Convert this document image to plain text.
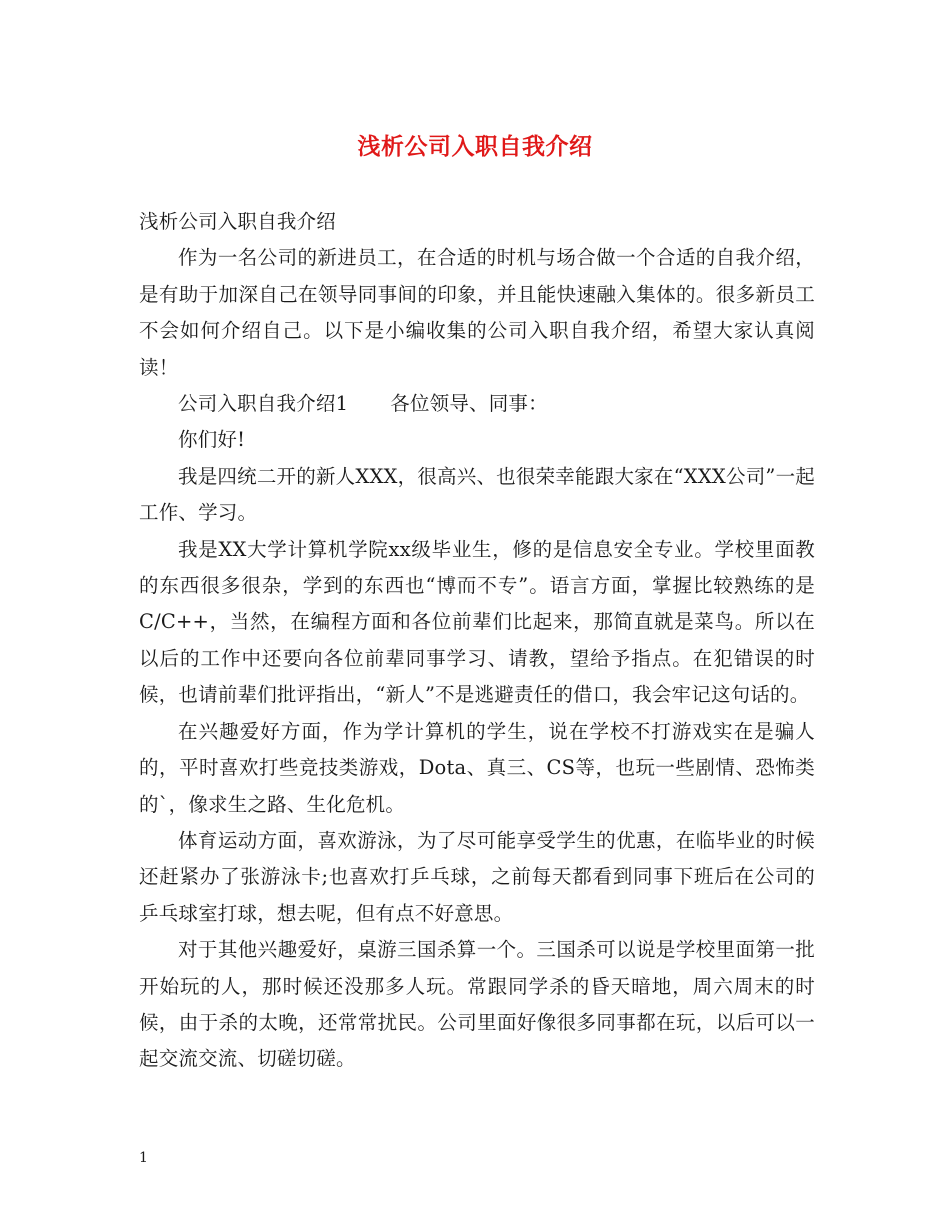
浅析公司入职自我介绍

浅析公司入职自我介绍

作为一名公司的新进员工，在合适的时机与场合做一个合适的自我介绍，是有助于加深自己在领导同事间的印象，并且能快速融入集体的。很多新员工不会如何介绍自己。以下是小编收集的公司入职自我介绍，希望大家认真阅读！

公司入职自我介绍1 各位领导、同事：

你们好!

我是四统二开的新人XXX，很高兴、也很荣幸能跟大家在“XXX公司”一起工作、学习。

我是XX大学计算机学院xx级毕业生，修的是信息安全专业。学校里面教的东西很多很杂，学到的东西也“博而不专”。语言方面，掌握比较熟练的是C/C++，当然，在编程方面和各位前辈们比起来，那简直就是菜鸟。所以在以后的工作中还要向各位前辈同事学习、请教，望给予指点。在犯错误的时候，也请前辈们批评指出，“新人”不是逃避责任的借口，我会牢记这句话的。

在兴趣爱好方面，作为学计算机的学生，说在学校不打游戏实在是骗人的，平时喜欢打些竞技类游戏，Dota、真三、CS等，也玩一些剧情、恐怖类的`，像求生之路、生化危机。

体育运动方面，喜欢游泳，为了尽可能享受学生的优惠，在临毕业的时候还赶紧办了张游泳卡;也喜欢打乒乓球，之前每天都看到同事下班后在公司的乒乓球室打球，想去呢，但有点不好意思。

对于其他兴趣爱好，桌游三国杀算一个。三国杀可以说是学校里面第一批开始玩的人，那时候还没那多人玩。常跟同学杀的昏天暗地，周六周末的时候，由于杀的太晚，还常常扰民。公司里面好像很多同事都在玩，以后可以一起交流交流、切磋切磋。

1
